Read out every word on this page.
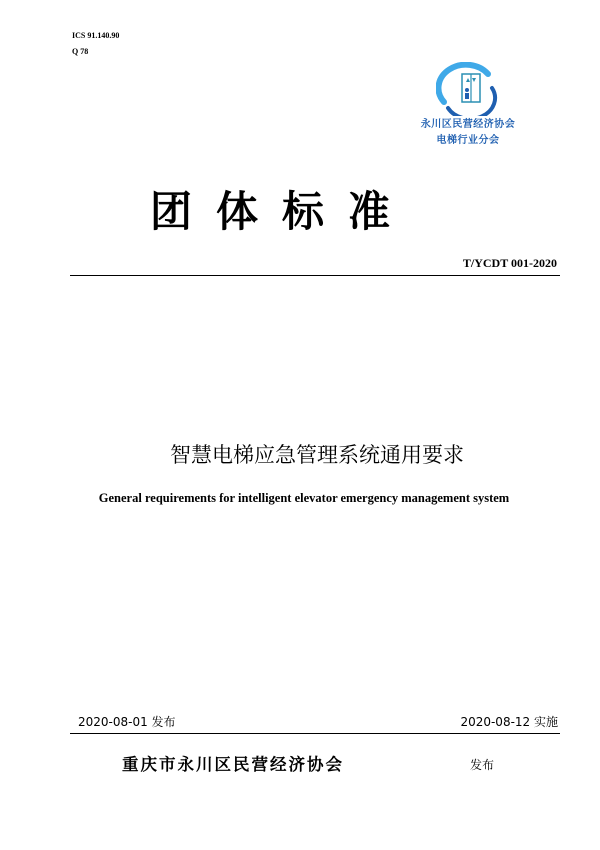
ICS 91.140.90
Q 78
永川区民营经济协会
电梯行业分会
团体标准
T/YCDT 001-2020
智慧电梯应急管理系统通用要求
General requirements for intelligent elevator emergency management system
2020-08-01 发布	2020-08-12 实施
重庆市永川区民营经济协会	发布
